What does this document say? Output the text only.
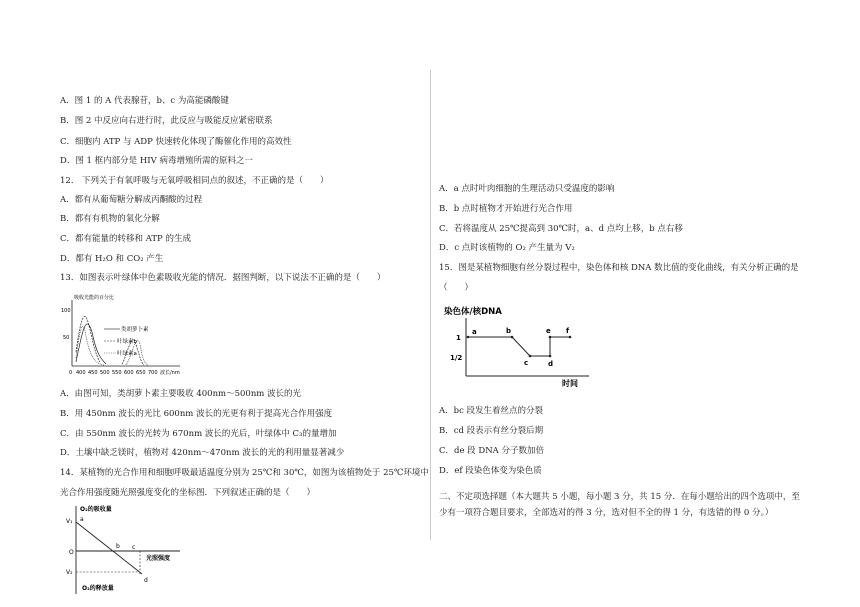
A．图 1 的 A 代表腺苷，b、c 为高能磷酸键
B．图 2 中反应向右进行时，此反应与吸能反应紧密联系
C．细胞内 ATP 与 ADP 快速转化体现了酶催化作用的高效性
D．图 1 框内部分是 HIV 病毒增殖所需的原料之一
12． 下列关于有氧呼吸与无氧呼吸相同点的叙述，不正确的是（　　）
A．都有从葡萄糖分解成丙酮酸的过程
B．都有有机物的氧化分解
C．都有能量的转移和 ATP 的生成
D．都有 H₂O 和 CO₂ 产生
13．如图表示叶绿体中色素吸收光能的情况．据图判断，以下说法不正确的是（　　）
吸收光能的百分比
100
50
0 400 450 500 550 600 650 700 波长/nm
类胡萝卜素
叶绿素b
叶绿素a
A．由图可知，类胡萝卜素主要吸收 400nm～500nm 波长的光
B．用 450nm 波长的光比 600nm 波长的光更有利于提高光合作用强度
C．由 550nm 波长的光转为 670nm 波长的光后，叶绿体中 C₃的量增加
D．土壤中缺乏镁时，植物对 420nm～470nm 波长的光的利用量显著减少
14．某植物的光合作用和细胞呼吸最适温度分别为 25℃和 30℃，如图为该植物处于 25℃环境中
光合作用强度随光照强度变化的坐标图．下列叙述正确的是（　　）
O₂的吸收量
O₂的释放量
光照强度
V₁
V₂
O
a
b c
d
A．a 点时叶肉细胞的生理活动只受温度的影响
B．b 点时植物才开始进行光合作用
C．若将温度从 25℃提高到 30℃时，a、d 点均上移，b 点右移
D．c 点时该植物的 O₂ 产生量为 V₂
15．图是某植物细胞有丝分裂过程中，染色体和核 DNA 数比值的变化曲线，有关分析正确的是
（　　）
染色体/核DNA
1
1/2
时间
a	b
c	d
e f
A．bc 段发生着丝点的分裂
B．cd 段表示有丝分裂后期
C．de 段 DNA 分子数加倍
D．ef 段染色体变为染色质
二、不定项选择题（本大题共 5 小题，每小题 3 分，共 15 分．在每小题给出的四个选项中，至
少有一项符合题目要求，全部选对的得 3 分，选对但不全的得 1 分，有选错的得 0 分。）
